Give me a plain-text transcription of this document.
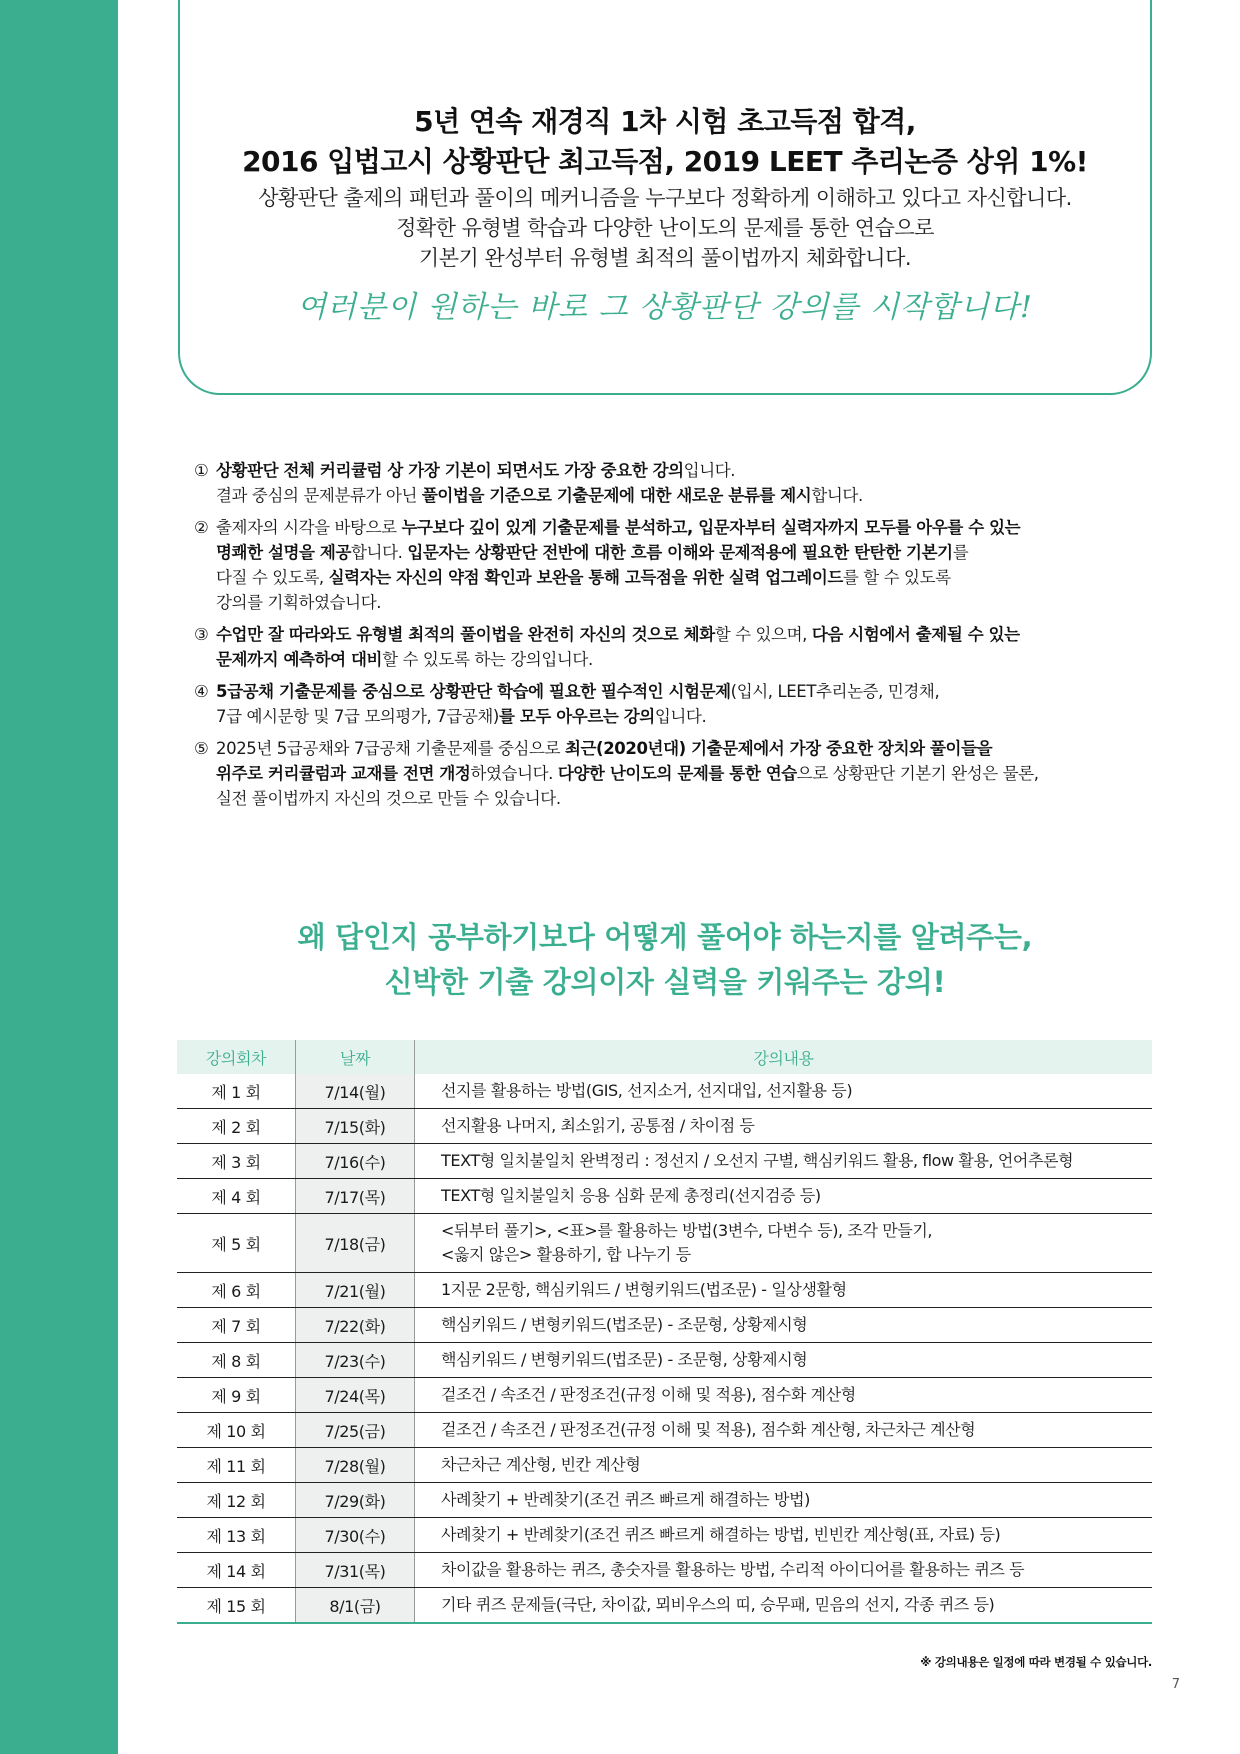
5년 연속 재경직 1차 시험 초고득점 합격,
2016 입법고시 상황판단 최고득점, 2019 LEET 추리논증 상위 1%!
상황판단 출제의 패턴과 풀이의 메커니즘을 누구보다 정확하게 이해하고 있다고 자신합니다.
정확한 유형별 학습과 다양한 난이도의 문제를 통한 연습으로
기본기 완성부터 유형별 최적의 풀이법까지 체화합니다.
여러분이 원하는 바로 그 상황판단 강의를 시작합니다!
① 상황판단 전체 커리큘럼 상 가장 기본이 되면서도 가장 중요한 강의입니다.
결과 중심의 문제분류가 아닌 풀이법을 기준으로 기출문제에 대한 새로운 분류를 제시합니다.
② 출제자의 시각을 바탕으로 누구보다 깊이 있게 기출문제를 분석하고, 입문자부터 실력자까지 모두를 아우를 수 있는
명쾌한 설명을 제공합니다. 입문자는 상황판단 전반에 대한 흐름 이해와 문제적용에 필요한 탄탄한 기본기를
다질 수 있도록, 실력자는 자신의 약점 확인과 보완을 통해 고득점을 위한 실력 업그레이드를 할 수 있도록
강의를 기획하였습니다.
③ 수업만 잘 따라와도 유형별 최적의 풀이법을 완전히 자신의 것으로 체화할 수 있으며, 다음 시험에서 출제될 수 있는
문제까지 예측하여 대비할 수 있도록 하는 강의입니다.
④ 5급공채 기출문제를 중심으로 상황판단 학습에 필요한 필수적인 시험문제(입시, LEET추리논증, 민경채,
7급 예시문항 및 7급 모의평가, 7급공채)를 모두 아우르는 강의입니다.
⑤ 2025년 5급공채와 7급공채 기출문제를 중심으로 최근(2020년대) 기출문제에서 가장 중요한 장치와 풀이들을
위주로 커리큘럼과 교재를 전면 개정하였습니다. 다양한 난이도의 문제를 통한 연습으로 상황판단 기본기 완성은 물론,
실전 풀이법까지 자신의 것으로 만들 수 있습니다.
왜 답인지 공부하기보다 어떻게 풀어야 하는지를 알려주는,
신박한 기출 강의이자 실력을 키워주는 강의!
강의회차	날짜	강의내용
제 1 회	7/14(월)	선지를 활용하는 방법(GIS, 선지소거, 선지대입, 선지활용 등)

제 2 회	7/15(화)	선지활용 나머지, 최소읽기, 공통점 / 차이점 등

제 3 회	7/16(수)	TEXT형 일치불일치 완벽정리 : 정선지 / 오선지 구별, 핵심키워드 활용, flow 활용, 언어추론형

제 4 회	7/17(목)	TEXT형 일치불일치 응용 심화 문제 총정리(선지검증 등)

제 5 회	7/18(금)	<뒤부터 풀기>, <표>를 활용하는 방법(3변수, 다변수 등), 조각 만들기,
<옳지 않은> 활용하기, 합 나누기 등

제 6 회	7/21(월)	1지문 2문항, 핵심키워드 / 변형키워드(법조문) - 일상생활형

제 7 회	7/22(화)	핵심키워드 / 변형키워드(법조문) - 조문형, 상황제시형

제 8 회	7/23(수)	핵심키워드 / 변형키워드(법조문) - 조문형, 상황제시형

제 9 회	7/24(목)	겉조건 / 속조건 / 판정조건(규정 이해 및 적용), 점수화 계산형

제 10 회	7/25(금)	겉조건 / 속조건 / 판정조건(규정 이해 및 적용), 점수화 계산형, 차근차근 계산형

제 11 회	7/28(월)	차근차근 계산형, 빈칸 계산형

제 12 회	7/29(화)	사례찾기 + 반례찾기(조건 퀴즈 빠르게 해결하는 방법)

제 13 회	7/30(수)	사례찾기 + 반례찾기(조건 퀴즈 빠르게 해결하는 방법, 빈빈칸 계산형(표, 자료) 등)

제 14 회	7/31(목)	차이값을 활용하는 퀴즈, 총숫자를 활용하는 방법, 수리적 아이디어를 활용하는 퀴즈 등

제 15 회	8/1(금)	기타 퀴즈 문제들(극단, 차이값, 뫼비우스의 띠, 승무패, 믿음의 선지, 각종 퀴즈 등)
※ 강의내용은 일정에 따라 변경될 수 있습니다.
7
